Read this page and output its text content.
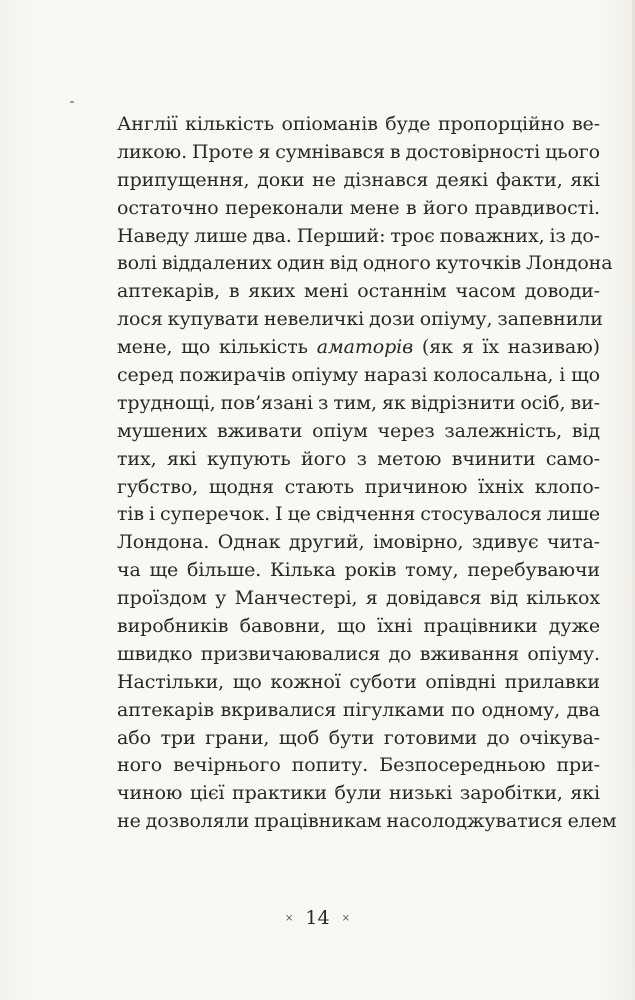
Англії кількість опіоманів буде пропорційно ве-
ликою. Проте я сумнівався в достовірності цього
припущення, доки не дізнався деякі факти, які
остаточно переконали мене в його правдивості.
Наведу лише два. Перший: троє поважних, із до-
волі віддалених один від одного куточків Лондона
аптекарів, в яких мені останнім часом доводи-
лося купувати невеличкі дози опіуму, запевнили
мене, що кількість аматорів (як я їх називаю)
серед пожирачів опіуму наразі колосальна, і що
труднощі, пов’язані з тим, як відрізнити осіб, ви-
мушених вживати опіум через залежність, від
тих, які купують його з метою вчинити само-
губство, щодня стають причиною їхніх клопо-
тів і суперечок. І це свідчення стосувалося лише
Лондона. Однак другий, імовірно, здивує чита-
ча ще більше. Кілька років тому, перебуваючи
проїздом у Манчестері, я довідався від кількох
виробників бавовни, що їхні працівники дуже
швидко призвичаювалися до вживання опіуму.
Настільки, що кожної суботи опівдні прилавки
аптекарів вкривалися пігулками по одному, два
або три грани, щоб бути готовими до очікува-
ного вечірнього попиту. Безпосередньою при-
чиною цієї практики були низькі заробітки, які
не дозволяли працівникам насолоджуватися елем
× 14 ×
